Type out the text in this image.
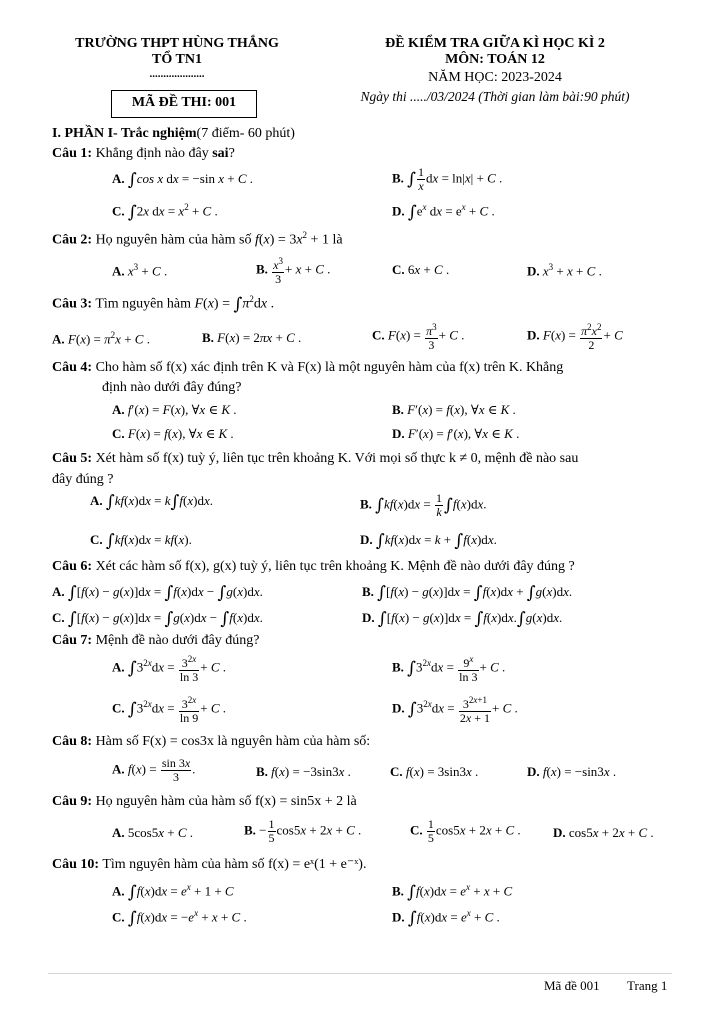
TRƯỜNG THPT HÙNG THẮNG
TỔ TN1
....................
MÃ ĐỀ THI: 001
ĐỀ KIỂM TRA GIỮA KÌ HỌC KÌ 2
MÔN: TOÁN 12
NĂM HỌC: 2023-2024
Ngày thi ...../03/2024 (Thời gian làm bài:90 phút)
I. PHẦN I- Trắc nghiệm(7 điểm- 60 phút)
Câu 1: Khẳng định nào đây sai?
A. ∫cos x dx = −sin x + C .	B. ∫ $\frac{1}{x}$ dx = ln|x| + C .
C. ∫2x dx = $x^2 + C$ .	D. $\int e^x$ dx = $e^x + C$ .
Câu 2: Họ nguyên hàm của hàm số $f(x) = 3x^2 + 1$ là
A. $x^3 + C$ .	B. $\frac{x^3}{3} + x + C$ .	C. 6x + C .	D. $x^3 + x + C$ .
Câu 3: Tìm nguyên hàm $F(x) = \int\pi^2dx$ .
A. $F(x) = \pi^2x + C$ .	B. F(x) = 2πx + C .	C. $F(x) = \frac{\pi^3}{3} + C$ .	D. $F(x) = \frac{\pi^2x^2}{2} + C$
Câu 4: Cho hàm số f(x) xác định trên K và F(x) là một nguyên hàm của f(x) trên K. Khẳng
định nào dưới đây đúng?
A. f′(x) = F(x), ∀x ∈ K .	B. F′(x) = f(x), ∀x ∈ K .
C. F(x) = f(x), ∀x ∈ K .	D. F′(x) = f′(x), ∀x ∈ K .
Câu 5: Xét hàm số f(x) tuỳ ý, liên tục trên khoảng K. Với mọi số thực k ≠ 0, mệnh đề nào sau
đây đúng ?
A. ∫kf(x)dx = k∫f(x)dx.	B. $\int kf(x)dx = \frac{1}{k} \int f(x)dx$.
C. ∫kf(x)dx = kf(x).	D. ∫kf(x)dx = k + ∫f(x)dx.
Câu 6: Xét các hàm số f(x), g(x) tuỳ ý, liên tục trên khoảng K. Mệnh đề nào dưới đây đúng ?
A. ∫[f(x) − g(x)]dx = ∫f(x)dx − ∫g(x)dx.	B. ∫[f(x) − g(x)]dx = ∫f(x)dx + ∫g(x)dx.
C. ∫[f(x) − g(x)]dx = ∫g(x)dx − ∫f(x)dx.	D. ∫[f(x) − g(x)]dx = ∫f(x)dx.∫g(x)dx.
Câu 7: Mệnh đề nào dưới đây đúng?
A. $\int 3^{2x}dx = \frac{3^{2x}}{\ln 3} + C$ .	B. $\int 3^{2x}dx = \frac{9^x}{\ln 3} + C$ .
C. $\int 3^{2x}dx = \frac{3^{2x}}{\ln 9} + C$ .	D. $\int 3^{2x}dx = \frac{3^{2x+1}}{2x + 1} + C$ .
Câu 8: Hàm số F(x) = cos3x là nguyên hàm của hàm số:
A. $f(x) = \frac{\sin 3x}{3}$ .	B. f(x) = −3sin3x .	C. f(x) = 3sin3x .	D. f(x) = −sin3x .
Câu 9: Họ nguyên hàm của hàm số f(x) = sin5x + 2 là
A. 5cos5x + C .	B. − $\frac{1}{5} \cos 5x + 2x + C$ .	C. $\frac{1}{5} \cos 5x + 2x + C$ . D. cos5x + 2x + C .
Câu 10: Tìm nguyên hàm của hàm số f(x) = eˣ(1 + e⁻ˣ).
A. $\int f(x)dx = e^x + 1 + C$	B. $\int f(x)dx = e^x + x + C$
C. $\int f(x)dx = -e^x + x + C$ .	D. $\int f(x)dx = e^x + C$ .
Mã đề 001 Trang 1
